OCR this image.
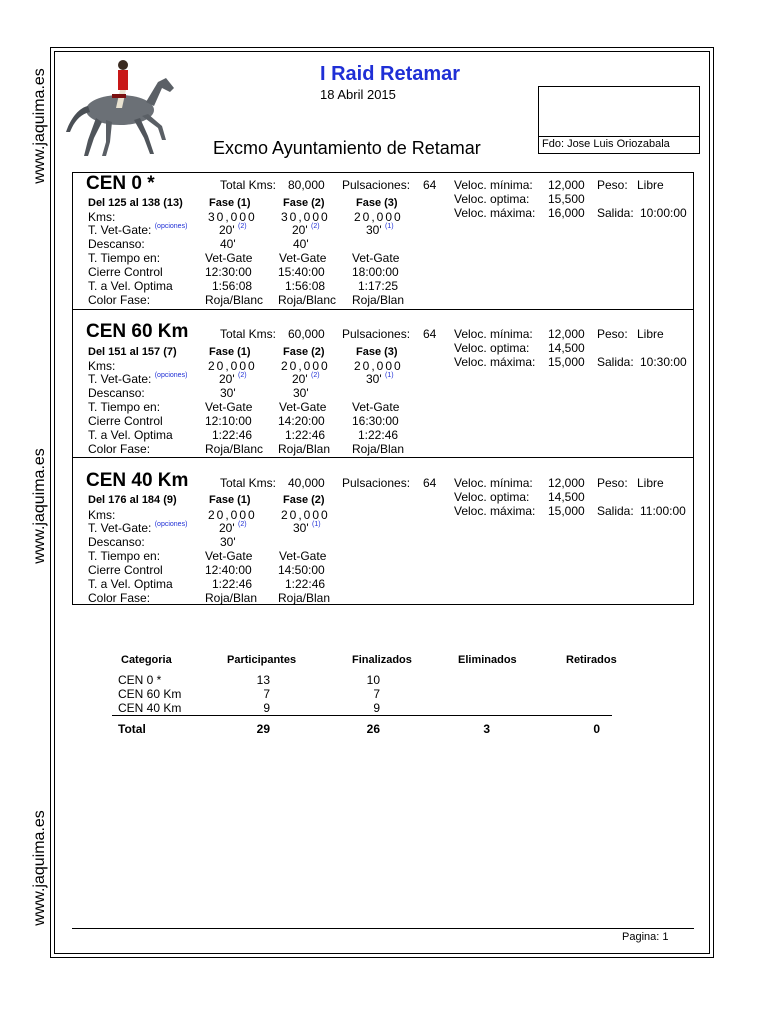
www.jaquima.es
www.jaquima.es
www.jaquima.es
I Raid Retamar
18 Abril 2015
Excmo Ayuntamiento de Retamar	Fdo: Jose Luis Oriozabala
CEN 0 *	Total Kms: 80,000 Pulsaciones: 64 Veloc. mínima: 12,000 Peso: Libre
Veloc. optima: 15,500
Veloc. máxima: 16,000 Salida: 10:00:00
Del 125 al 138 (13) Fase (1)	Fase (2)	Fase (3)
Kms:	30,000 30,000 20,000
T. Vet-Gate: $^{(opciones)}$	20' $^{(2)}$	20' $^{(2)}$	30' $^{(1)}$
Descanso:	40'	40'
T. Tiempo en:	Vet-Gate Vet-Gate Vet-Gate
Cierre Control	12:30:00 15:40:00 18:00:00
T. a Vel. Optima	1:56:08	1:56:08	1:17:25
Color Fase:	Roja/Blanc Roja/Blanc Roja/Blan
CEN 60 Km	Total Kms: 60,000 Pulsaciones: 64 Veloc. mínima: 12,000 Peso: Libre
Veloc. optima: 14,500
Veloc. máxima: 15,000 Salida: 10:30:00
Del 151 al 157 (7)	Fase (1)	Fase (2)	Fase (3)
Kms:	20,000 20,000 20,000
T. Vet-Gate: $^{(opciones)}$	20' $^{(2)}$	20' $^{(2)}$	30' $^{(1)}$
Descanso:	30'	30'
T. Tiempo en:	Vet-Gate Vet-Gate Vet-Gate
Cierre Control	12:10:00 14:20:00 16:30:00
T. a Vel. Optima	1:22:46	1:22:46	1:22:46
Color Fase:	Roja/Blanc Roja/Blan Roja/Blan
CEN 40 Km	Total Kms: 40,000 Pulsaciones: 64 Veloc. mínima: 12,000 Peso: Libre
Veloc. optima: 14,500
Veloc. máxima: 15,000 Salida: 11:00:00
Del 176 al 184 (9)	Fase (1)	Fase (2)
Kms:	20,000 20,000
T. Vet-Gate: $^{(opciones)}$	20' $^{(2)}$	30' $^{(1)}$
Descanso:	30'
T. Tiempo en:	Vet-Gate Vet-Gate
Cierre Control	12:40:00 14:50:00
T. a Vel. Optima	1:22:46	1:22:46
Color Fase:	Roja/Blan Roja/Blan
Categoria	Participantes	Finalizados	Eliminados	Retirados
CEN 0 *	13	10
CEN 60 Km	7	7
CEN 40 Km	9	9
Total	29	26	3	0
Pagina: 1
